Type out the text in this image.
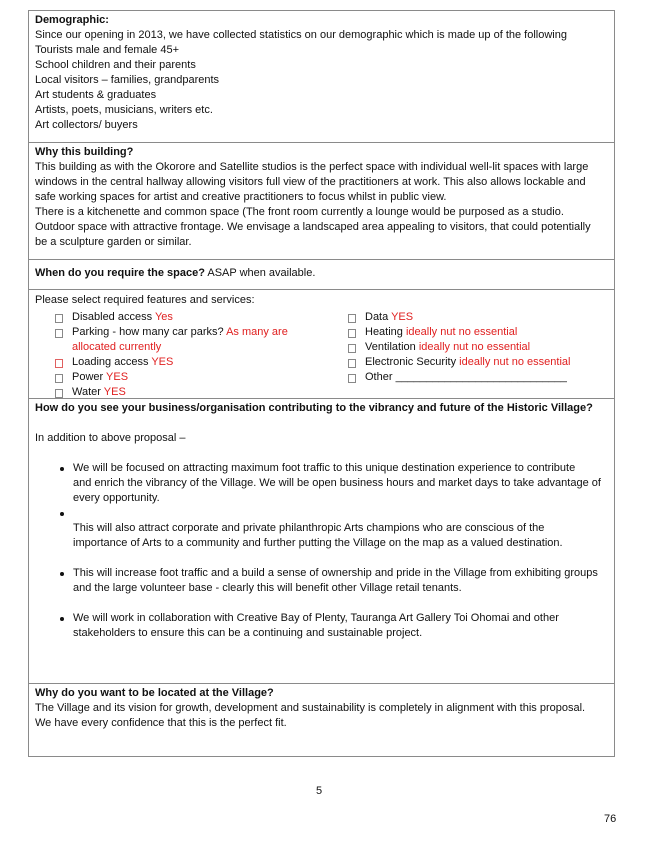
Demographic:
Since our opening in 2013, we have collected statistics on our demographic which is made up of the following
Tourists male and female 45+
School children and their parents
Local visitors – families, grandparents
Art students & graduates
Artists, poets, musicians, writers etc.
Art collectors/ buyers
Why this building?
This building as with the Okorore and Satellite studios is the perfect space with individual well-lit spaces with large
windows in the central hallway allowing visitors full view of the practitioners at work. This also allows lockable and
safe working spaces for artist and creative practitioners to focus whilst in public view.
There is a kitchenette and common space (The front room currently a lounge would be purposed as a studio.
Outdoor space with attractive frontage. We envisage a landscaped area appealing to visitors, that could potentially
be a sculpture garden or similar.
When do you require the space? ASAP when available.
Please select required features and services:
Disabled access Yes
Parking - how many car parks? As many are
allocated currently
Loading access YES
Power YES
Water YES
Data YES
Heating ideally nut no essential
Ventilation ideally nut no essential
Electronic Security ideally nut no essential
Other ____________________________
How do you see your business/organisation contributing to the vibrancy and future of the Historic Village?
In addition to above proposal –
We will be focused on attracting maximum foot traffic to this unique destination experience to contribute
and enrich the vibrancy of the Village. We will be open business hours and market days to take advantage of
every opportunity.
This will also attract corporate and private philanthropic Arts champions who are conscious of the
importance of Arts to a community and further putting the Village on the map as a valued destination.
This will increase foot traffic and a build a sense of ownership and pride in the Village from exhibiting groups
and the large volunteer base - clearly this will benefit other Village retail tenants.
We will work in collaboration with Creative Bay of Plenty, Tauranga Art Gallery Toi Ohomai and other
stakeholders to ensure this can be a continuing and sustainable project.
Why do you want to be located at the Village?
The Village and its vision for growth, development and sustainability is completely in alignment with this proposal.
We have every confidence that this is the perfect fit.
5
76
